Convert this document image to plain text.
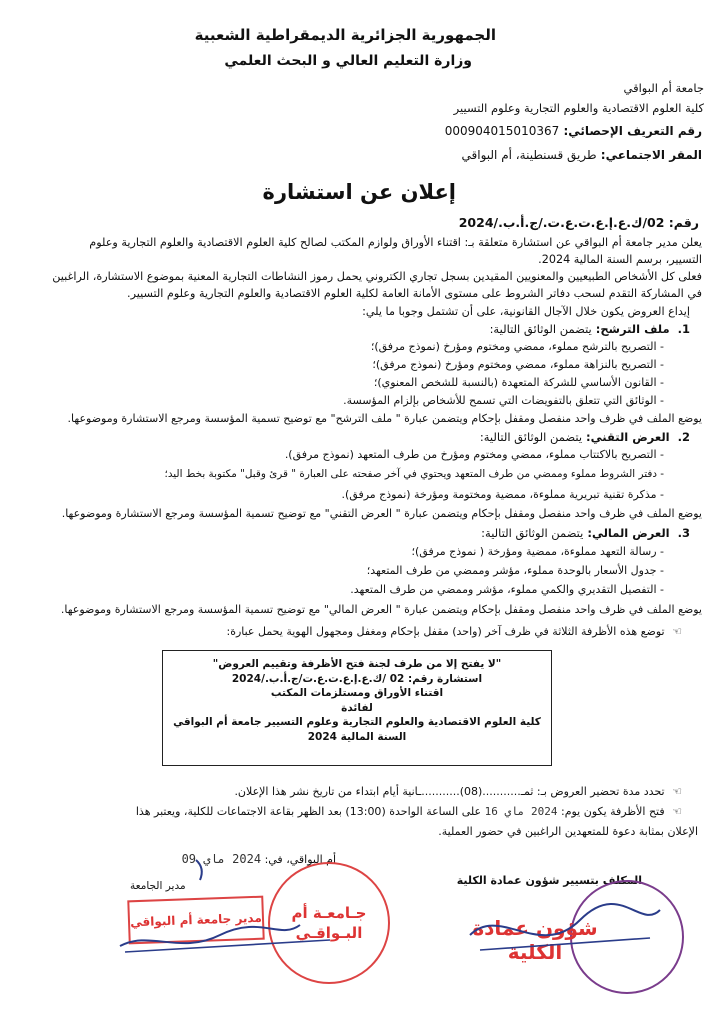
الجمهورية الجزائرية الديمقراطية الشعبية
وزارة التعليم العالي و البحث العلمي
جامعة أم البواقي
كلية العلوم الاقتصادية والعلوم التجارية وعلوم التسيير
رقم التعريف الإحصائي: 000904015010367
المقر الاجتماعي: طريق قسنطينة، أم البواقي
إعلان عن استشارة
رقم: 02/ك.ع.إ.ع.ت.ع.ت./ج.أ.ب./2024
يعلن مدير جامعة أم البواقي عن استشارة متعلقة بـ: اقتناء الأوراق ولوازم المكتب لصالح كلية العلوم الاقتصادية والعلوم التجارية وعلوم
التسيير، برسم السنة المالية 2024.
فعلى كل الأشخاص الطبيعيين والمعنويين المقيدين بسجل تجاري الكتروني يحمل رموز النشاطات التجارية المعنية بموضوع الاستشارة، الراغبين
في المشاركة التقدم لسحب دفاتر الشروط على مستوى الأمانة العامة لكلية العلوم الاقتصادية والعلوم التجارية وعلوم التسيير.
إيداع العروض يكون خلال الآجال القانونية، على أن تشتمل وجوبا ما يلي:
1.  ملف الترشح: يتضمن الوثائق التالية:
- التصريح بالترشح مملوء، ممضي ومختوم ومؤرخ (نموذج مرفق)؛
- التصريح بالنزاهة مملوء، ممضي ومختوم ومؤرخ (نموذج مرفق)؛
- القانون الأساسي للشركة المتعهدة (بالنسبة للشخص المعنوي)؛
- الوثائق التي تتعلق بالتفويضات التي تسمح للأشخاص بإلزام المؤسسة.
يوضع الملف في ظرف واحد منفصل ومقفل بإحكام ويتضمن عبارة " ملف الترشح" مع توضيح تسمية المؤسسة ومرجع الاستشارة وموضوعها.
2.  العرض التقني: يتضمن الوثائق التالية:
- التصريح بالاكتتاب مملوء، ممضي ومختوم ومؤرخ من طرف المتعهد (نموذج مرفق).
- دفتر الشروط مملوء وممضي من طرف المتعهد ويحتوي في آخر صفحته على العبارة " قرئ وقبل" مكتوبة بخط اليد؛
- مذكرة تقنية تبريرية مملوءة، ممضية ومختومة ومؤرخة (نموذج مرفق).
يوضع الملف في ظرف واحد منفصل ومقفل بإحكام ويتضمن عبارة " العرض التقني" مع توضيح تسمية المؤسسة ومرجع الاستشارة وموضوعها.
3.  العرض المالي: يتضمن الوثائق التالية:
- رسالة التعهد مملوءة، ممضية ومؤرخة ( نموذج مرفق)؛
- جدول الأسعار بالوحدة مملوء، مؤشر وممضي من طرف المتعهد؛
- التفصيل التقديري والكمي مملوء، مؤشر وممضي من طرف المتعهد.
يوضع الملف في ظرف واحد منفصل ومقفل بإحكام ويتضمن عبارة " العرض المالي" مع توضيح تسمية المؤسسة ومرجع الاستشارة وموضوعها.
☜ توضع هذه الأظرفة الثلاثة في ظرف آخر (واحد) مقفل بإحكام ومغفل ومجهول الهوية يحمل عبارة:
"لا يفتح إلا من طرف لجنة فتح الأظرفة وتقييم العروض"
استشارة رقم: 02 /ك.ع.إ.ع.ت.ع.ت/ج.أ.ب./2024
اقتناء الأوراق ومستلزمات المكتب
لفائدة
كلية العلوم الاقتصادية والعلوم التجارية وعلوم التسيير جامعة أم البواقي
السنة المالية 2024
☜ تحدد مدة تحضير العروض بـ: ثمـ...........(08)...........ـانية أيام ابتداء من تاريخ نشر هذا الإعلان.
☜ فتح الأظرفة يكون يوم: 2024 ماي 16 على الساعة الواحدة (13:00) بعد الظهر بقاعة الاجتماعات للكلية، ويعتبر هذا
الإعلان بمثابة دعوة للمتعهدين الراغبين في حضور العملية.
أم البواقي، في: 2024 ماي 09
المكلف بتسيير شؤون عمادة الكلية
مدير الجامعة
جـامعـة أم البـواقـي
مدير جامعة أم البواقي	شؤون عمادة الكلية
